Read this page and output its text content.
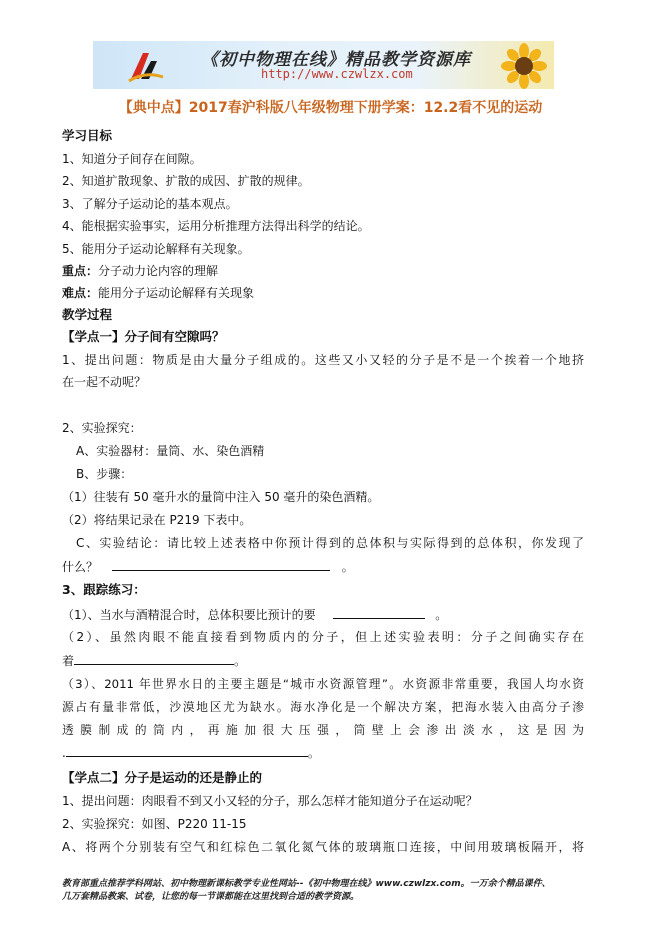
《初中物理在线》精品教学资源库
http://www.czwlzx.com
【典中点】2017春沪科版八年级物理下册学案：12.2看不见的运动
学习目标
1、知道分子间存在间隙。
2、知道扩散现象、扩散的成因、扩散的规律。
3、了解分子运动论的基本观点。
4、能根据实验事实，运用分析推理方法得出科学的结论。
5、能用分子运动论解释有关现象。
重点：分子动力论内容的理解
难点：能用分子运动论解释有关现象
教学过程
【学点一】分子间有空隙吗？
1、提出问题：物质是由大量分子组成的。这些又小又轻的分子是不是一个挨着一个地挤
在一起不动呢？
2、实验探究：
A、实验器材：量筒、水、染色酒精
B、步骤：
（1）往装有 50 毫升水的量筒中注入 50 毫升的染色酒精。
（2）将结果记录在 P219 下表中。
C、实验结论：请比较上述表格中你预计得到的总体积与实际得到的总体积，你发现了
什么？	。
3、跟踪练习：
（1）、当水与酒精混合时，总体积要比预计的要	。
（2）、虽然肉眼不能直接看到物质内的分子，但上述实验表明：分子之间确实存在
着	。
（3）、2011 年世界水日的主要主题是“城市水资源管理”。水资源非常重要，我国人均水资
源占有量非常低，沙漠地区尤为缺水。海水净化是一个解决方案，把海水装入由高分子渗
透膜制成的筒内，再施加很大压强，筒壁上会渗出淡水，这是因为
.	。
【学点二】分子是运动的还是静止的
1、提出问题：肉眼看不到又小又轻的分子，那么怎样才能知道分子在运动呢？
2、实验探究：如图、P220 11-15
A、将两个分别装有空气和红棕色二氧化氮气体的玻璃瓶口连接，中间用玻璃板隔开，将
教育部重点推荐学科网站、初中物理新课标教学专业性网站--《初中物理在线》www.czwlzx.com。一万余个精品课件、
几万套精品教案、试卷，让您的每一节课都能在这里找到合适的教学资源。
